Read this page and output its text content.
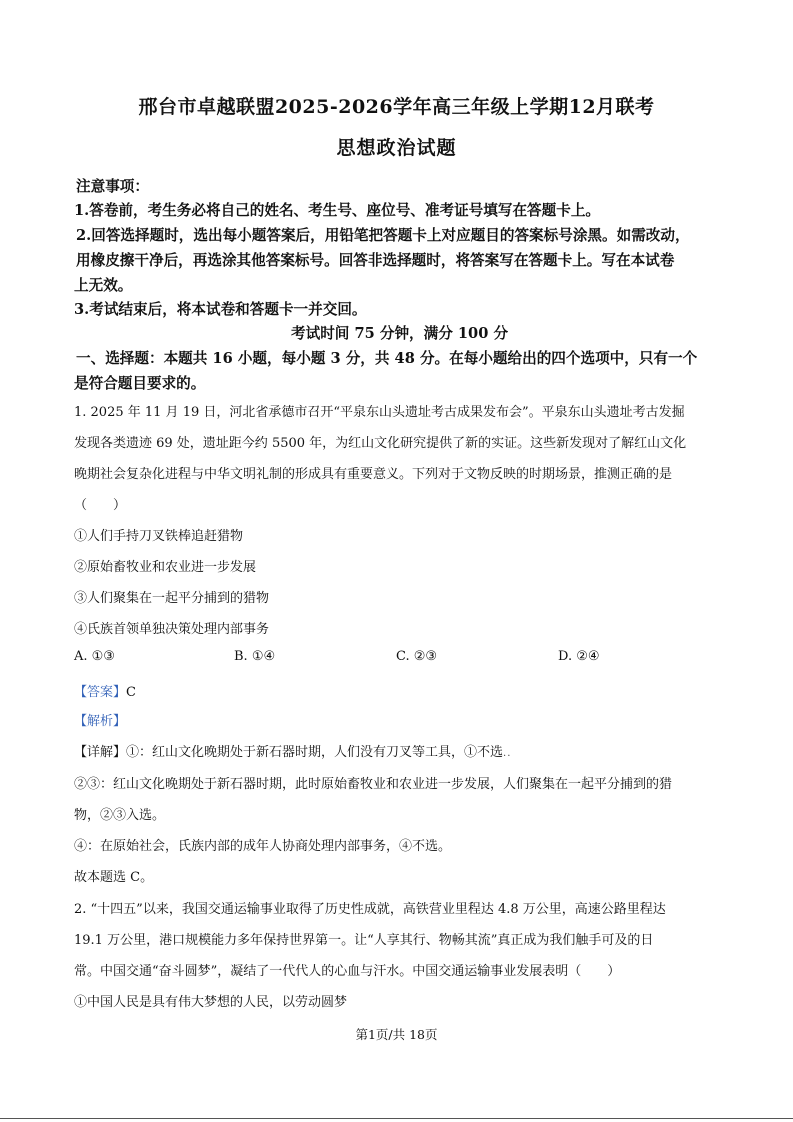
邢台市卓越联盟2025-2026学年高三年级上学期12月联考
思想政治试题
注意事项：
1.答卷前，考生务必将自己的姓名、考生号、座位号、准考证号填写在答题卡上。
2.回答选择题时，选出每小题答案后，用铅笔把答题卡上对应题目的答案标号涂黑。如需改动，
用橡皮擦干净后，再选涂其他答案标号。回答非选择题时，将答案写在答题卡上。写在本试卷
上无效。
3.考试结束后，将本试卷和答题卡一并交回。
考试时间 75 分钟，满分 100 分
一、选择题：本题共 16 小题，每小题 3 分，共 48 分。在每小题给出的四个选项中，只有一个
是符合题目要求的。
1. 2025 年 11 月 19 日，河北省承德市召开“平泉东山头遗址考古成果发布会”。平泉东山头遗址考古发掘
发现各类遗迹 69 处，遗址距今约 5500 年，为红山文化研究提供了新的实证。这些新发现对了解红山文化
晚期社会复杂化进程与中华文明礼制的形成具有重要意义。下列对于文物反映的时期场景，推测正确的是
（　　）
①人们手持刀叉铁棒追赶猎物
②原始畜牧业和农业进一步发展
③人们聚集在一起平分捕到的猎物
④氏族首领单独决策处理内部事务
A. ①③	B. ①④	C. ②③	D. ②④
【答案】C
【解析】
【详解】①：红山文化晚期处于新石器时期，人们没有刀叉等工具，①不选..
②③：红山文化晚期处于新石器时期，此时原始畜牧业和农业进一步发展，人们聚集在一起平分捕到的猎
物，②③入选。
④：在原始社会，氏族内部的成年人协商处理内部事务，④不选。
故本题选 C。
2. “十四五”以来，我国交通运输事业取得了历史性成就，高铁营业里程达 4.8 万公里，高速公路里程达
19.1 万公里，港口规模能力多年保持世界第一。让“人享其行、物畅其流”真正成为我们触手可及的日
常。中国交通“奋斗圆梦”，凝结了一代代人的心血与汗水。中国交通运输事业发展表明（　　）
①中国人民是具有伟大梦想的人民，以劳动圆梦
第1页/共 18页
